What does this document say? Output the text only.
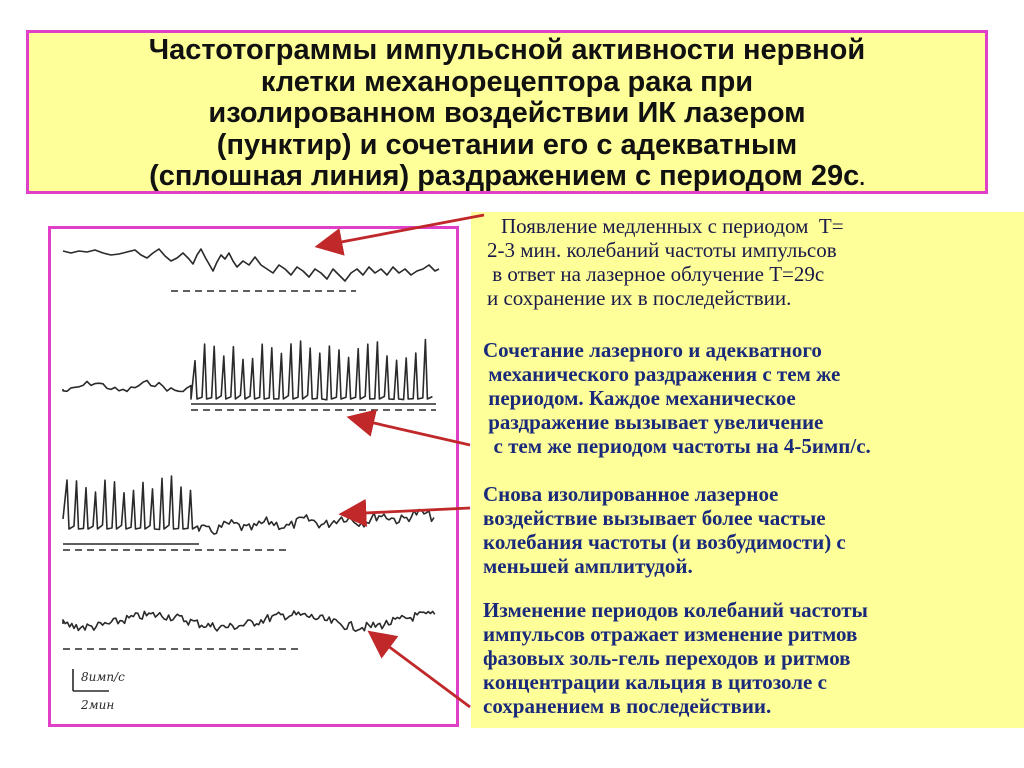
Частотограммы импульсной активности нервной
клетки механорецептора рака при
изолированном воздействии ИК лазером
(пунктир) и сочетании его с адекватным
(сплошная линия) раздражением с периодом 29с.
8имп/с
2мин
Появление медленных с периодом  Т=
2-3 мин. колебаний частоты импульсов
в ответ на лазерное облучение Т=29с
и сохранение их в последействии.
Сочетание лазерного и адекватного
механического раздражения с тем же
периодом. Каждое механическое
раздражение вызывает увеличение
с тем же периодом частоты на 4-5имп/с.
Снова изолированное лазерное
воздействие вызывает более частые
колебания частоты (и возбудимости) с
меньшей амплитудой.
Изменение периодов колебаний частоты
импульсов отражает изменение ритмов
фазовых золь-гель переходов и ритмов
концентрации кальция в цитозоле с
сохранением в последействии.
